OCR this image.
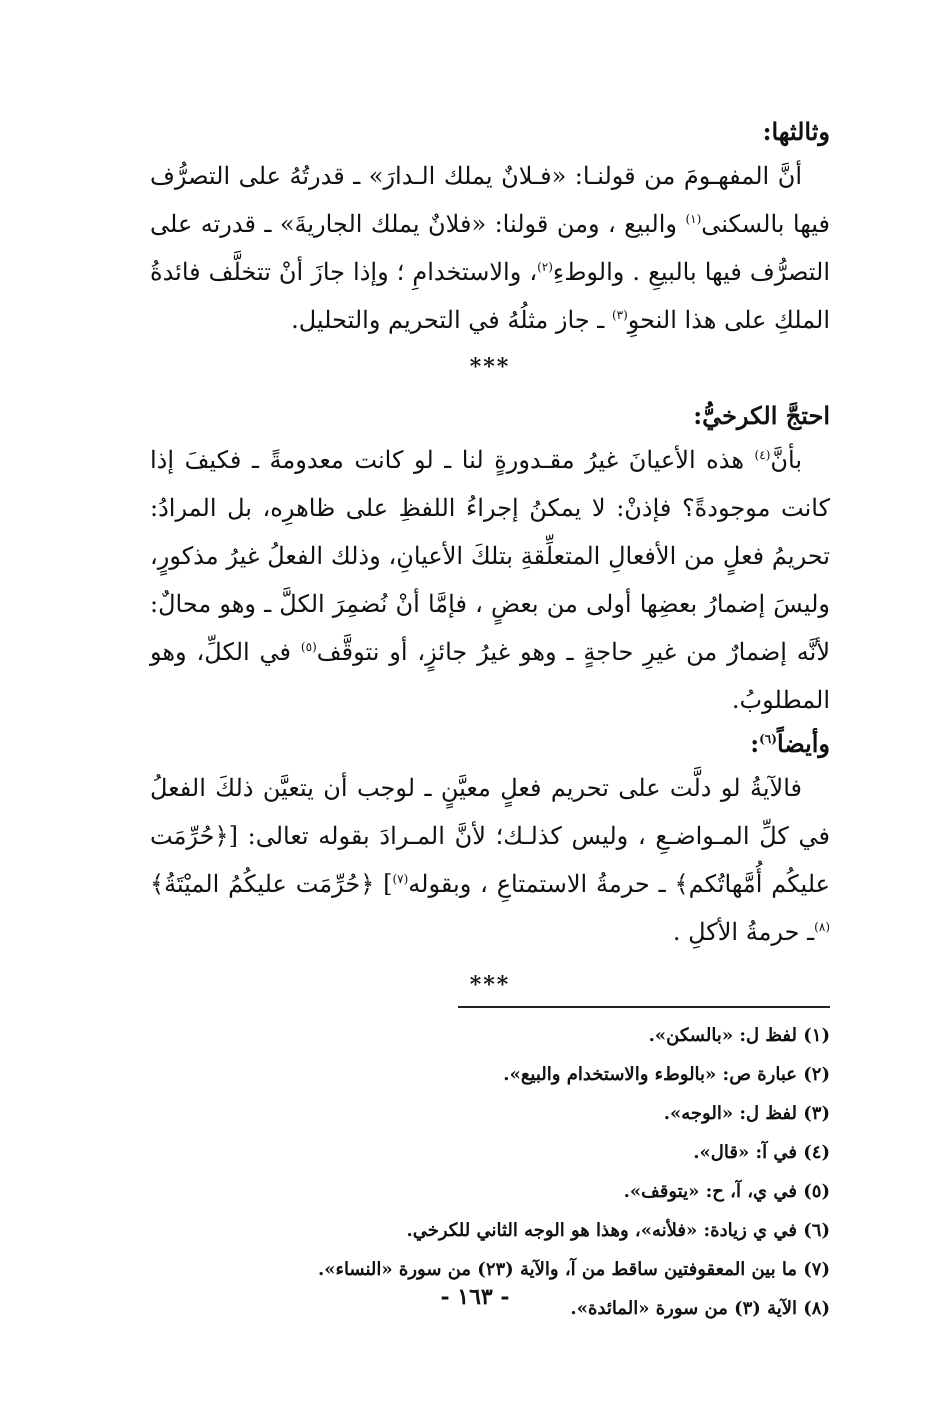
وثالثها:

أنَّ المفهـومَ من قولنـا: «فـلانٌ يملك الـدارَ» ـ قدرتُهُ على التصرُّف فيها بالسكنى$^{(١)}$ والبيع ، ومن قولنا: «فلانٌ يملك الجاريةَ» ـ قدرته على التصرُّف فيها بالبيعِ . والوطءِ$^{(٢)}$، والاستخدامِ ؛ وإذا جازَ أنْ تتخلَّف فائدةُ الملكِ على هذا النحوِ$^{(٣)}$ ـ جاز مثلُهُ في التحريم والتحليل.

***

احتجَّ الكرخيُّ:

بأنَّ$^{(٤)}$ هذه الأعيانَ غيرُ مقـدورةٍ لنا ـ لو كانت معدومةً ـ فكيفَ إذا كانت موجودةً؟ فإذنْ: لا يمكنُ إجراءُ اللفظِ على ظاهرِه، بل المرادُ: تحريمُ فعلٍ من الأفعالِ المتعلِّقةِ بتلكَ الأعيانِ، وذلك الفعلُ غيرُ مذكورٍ، وليسَ إضمارُ بعضِها أولى من بعضٍ ، فإمَّا أنْ نُضمِرَ الكلَّ ـ وهو محالٌ: لأنَّه إضمارٌ من غيرِ حاجةٍ ـ وهو غيرُ جائزٍ، أو نتوقَّف$^{(٥)}$ في الكلِّ، وهو المطلوبُ.

وأيضاً$^{(٦)}$:

فالآيةُ لو دلَّت على تحريم فعلٍ معيَّنٍ ـ لوجب أن يتعيَّن ذلكَ الفعلُ في كلِّ المـواضـعِ ، وليس كذلـك؛ لأنَّ المـرادَ بقوله تعالى: [﴿حُرِّمَت عليكُم أُمَّهاتُكم﴾ ـ حرمةُ الاستمتاعِ ، وبقوله$^{(٧)}$] ﴿حُرِّمَت عليكُمُ الميْتَةُ﴾$^{(٨)}$ـ حرمةُ الأكلِ .

***
(١) لفظ ل: «بالسكن».
(٢) عبارة ص: «بالوطء والاستخدام والبيع».
(٣) لفظ ل: «الوجه».
(٤) في آ: «قال».
(٥) في ي، آ، ح: «يتوقف».
(٦) في ي زيادة: «فلأنه»، وهذا هو الوجه الثاني للكرخي.
(٧) ما بين المعقوفتين ساقط من آ، والآية (٢٣) من سورة «النساء».
(٨) الآية (٣) من سورة «المائدة».
- ١٦٣ -
